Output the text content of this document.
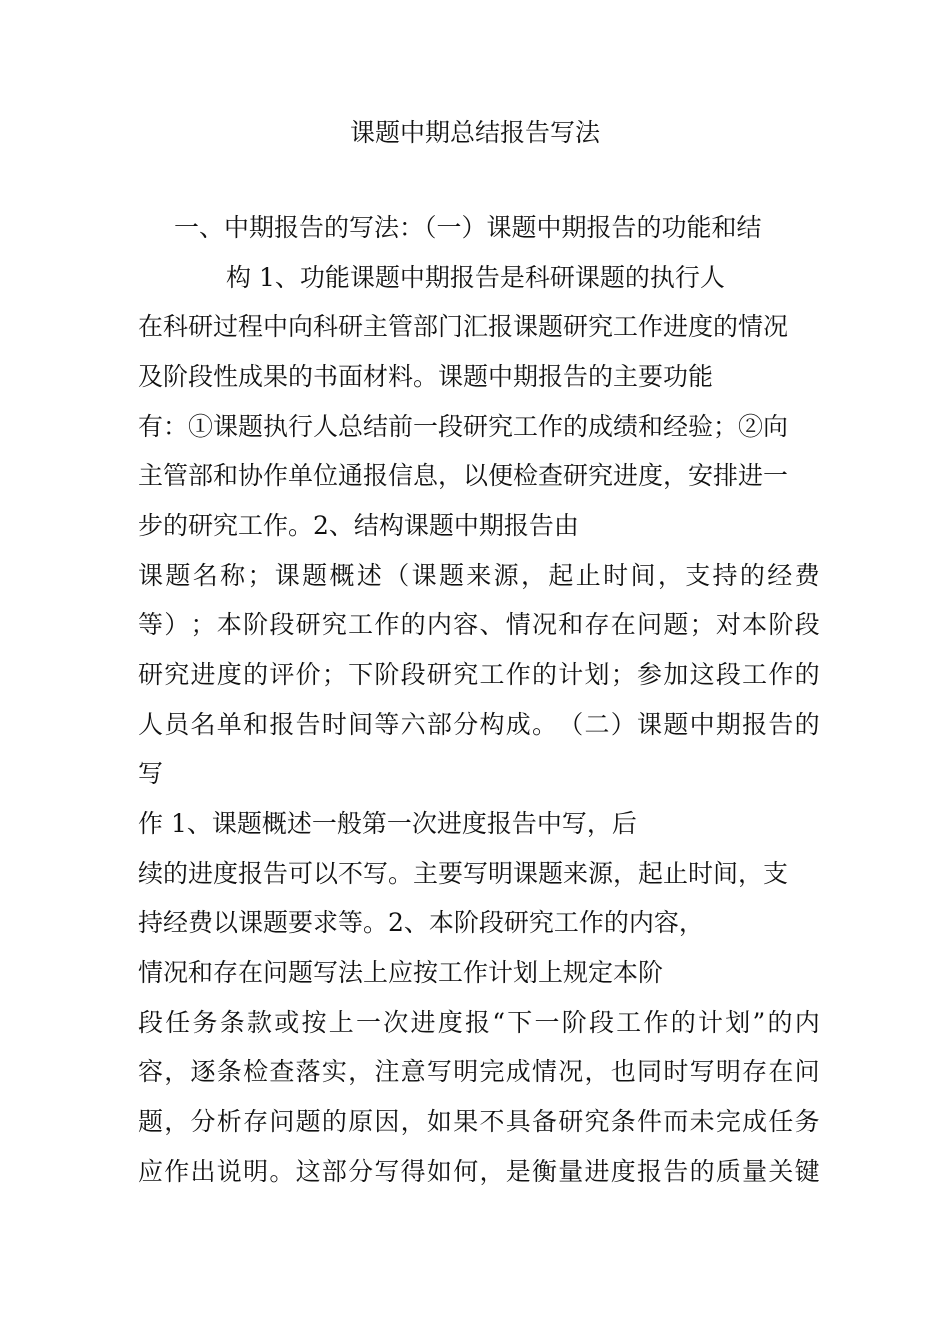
课题中期总结报告写法
一、中期报告的写法：（一）课题中期报告的功能和结
构 1、功能课题中期报告是科研课题的执行人
在科研过程中向科研主管部门汇报课题研究工作进度的情况
及阶段性成果的书面材料。课题中期报告的主要功能
有：①课题执行人总结前一段研究工作的成绩和经验；②向
主管部和协作单位通报信息，以便检查研究进度，安排进一
步的研究工作。2、结构课题中期报告由
课 题 名 称 ； 课 题 概 述 （ 课 题 来 源 ， 起 止 时 间 ， 支 持 的 经 费
等 ） ； 本 阶 段 研 究 工 作 的 内 容 、 情 况 和 存 在 问 题 ； 对 本 阶 段
研 究 进 度 的 评 价 ； 下 阶 段 研 究 工 作 的 计 划 ； 参 加 这 段 工 作 的
人 员 名 单 和 报 告 时 间 等 六 部 分 构 成 。 （ 二 ） 课 题 中 期 报 告 的
写
作 1、课题概述一般第一次进度报告中写，后
续的进度报告可以不写。主要写明课题来源，起止时间，支
持经费以课题要求等。2、本阶段研究工作的内容，
情况和存在问题写法上应按工作计划上规定本阶
段 任 务 条 款 或 按 上 一 次 进 度 报 “ 下 一 阶 段 工 作 的 计 划 ” 的 内
容 ， 逐 条 检 查 落 实 ， 注 意 写 明 完 成 情 况 ， 也 同 时 写 明 存 在 问
题 ， 分 析 存 问 题 的 原 因 ， 如 果 不 具 备 研 究 条 件 而 未 完 成 任 务
应 作 出 说 明 。 这 部 分 写 得 如 何 ， 是 衡 量 进 度 报 告 的 质 量 关 键
